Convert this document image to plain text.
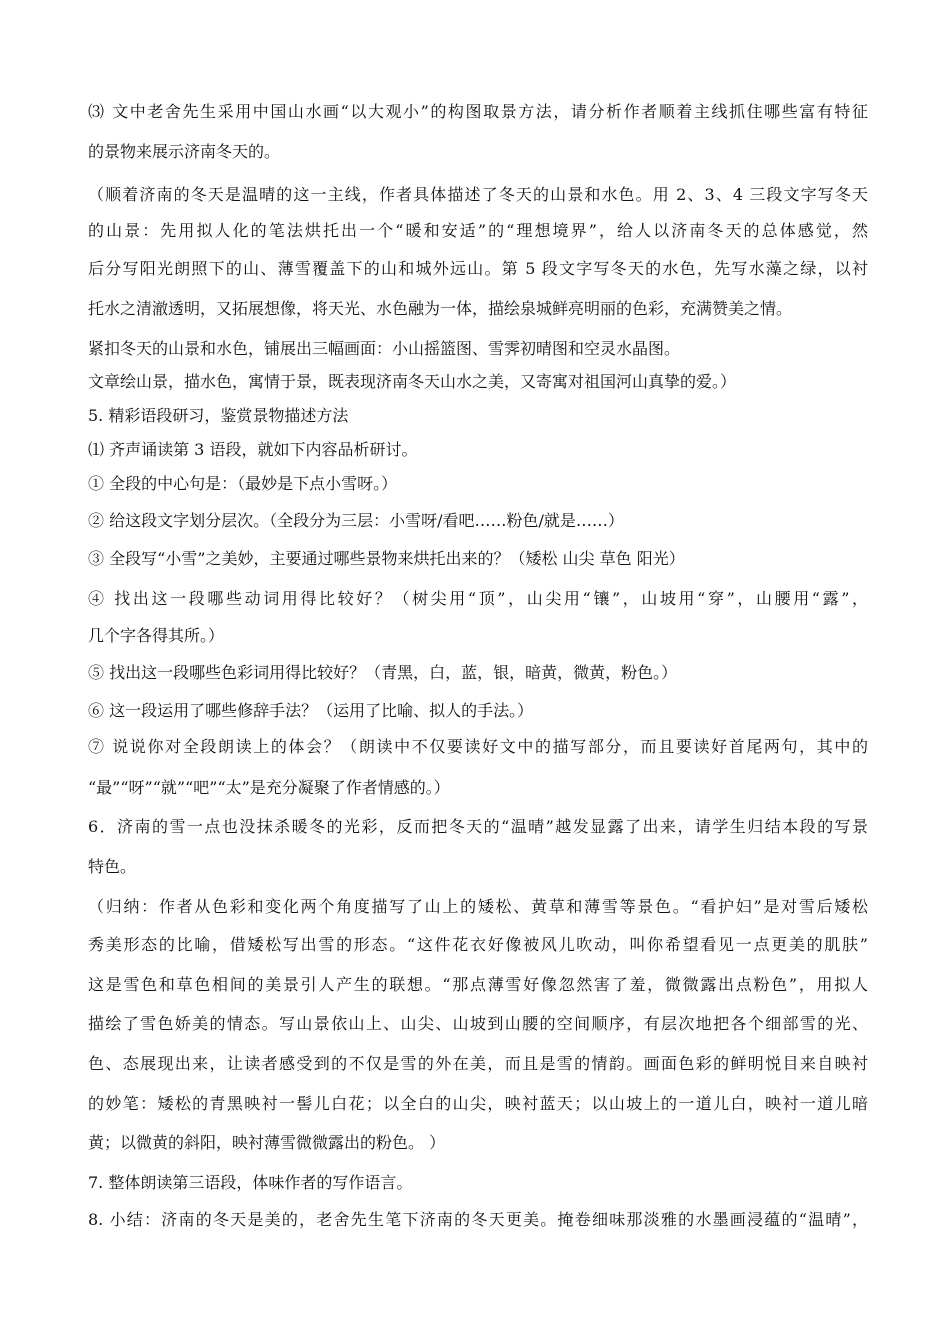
⑶ 文中老舍先生采用中国山水画“以大观小”的构图取景方法，请分析作者顺着主线抓住哪些富有特征
的景物来展示济南冬天的。
（顺着济南的冬天是温晴的这一主线，作者具体描述了冬天的山景和水色。用 2、3、4 三段文字写冬天
的山景：先用拟人化的笔法烘托出一个“暖和安适”的“理想境界”，给人以济南冬天的总体感觉，然
后分写阳光朗照下的山、薄雪覆盖下的山和城外远山。第 5 段文字写冬天的水色，先写水藻之绿，以衬
托水之清澈透明，又拓展想像，将天光、水色融为一体，描绘泉城鲜亮明丽的色彩，充满赞美之情。
紧扣冬天的山景和水色，铺展出三幅画面：小山摇篮图、雪霁初晴图和空灵水晶图。
文章绘山景，描水色，寓情于景，既表现济南冬天山水之美，又寄寓对祖国河山真挚的爱。）
5. 精彩语段研习，鉴赏景物描述方法
⑴ 齐声诵读第 3 语段，就如下内容品析研讨。
① 全段的中心句是：（最妙是下点小雪呀。）
② 给这段文字划分层次。（全段分为三层：小雪呀/看吧……粉色/就是……）
③ 全段写“小雪”之美妙，主要通过哪些景物来烘托出来的？（矮松 山尖 草色 阳光）
④ 找出这一段哪些动词用得比较好？（树尖用“顶”，山尖用“镶”，山坡用“穿”，山腰用“露”，
几个字各得其所。）
⑤ 找出这一段哪些色彩词用得比较好？（青黑，白，蓝，银，暗黄，微黄，粉色。）
⑥ 这一段运用了哪些修辞手法？（运用了比喻、拟人的手法。）
⑦ 说说你对全段朗读上的体会？（朗读中不仅要读好文中的描写部分，而且要读好首尾两句，其中的
“最”“呀”“就”“吧”“太”是充分凝聚了作者情感的。）
6．济南的雪一点也没抹杀暖冬的光彩，反而把冬天的“温晴”越发显露了出来，请学生归结本段的写景
特色。
（归纳：作者从色彩和变化两个角度描写了山上的矮松、黄草和薄雪等景色。“看护妇”是对雪后矮松
秀美形态的比喻，借矮松写出雪的形态。“这件花衣好像被风儿吹动，叫你希望看见一点更美的肌肤”
这是雪色和草色相间的美景引人产生的联想。“那点薄雪好像忽然害了羞，微微露出点粉色”，用拟人
描绘了雪色娇美的情态。写山景依山上、山尖、山坡到山腰的空间顺序，有层次地把各个细部雪的光、
色、态展现出来，让读者感受到的不仅是雪的外在美，而且是雪的情韵。画面色彩的鲜明悦目来自映衬
的妙笔：矮松的青黑映衬一髻儿白花；以全白的山尖，映衬蓝天；以山坡上的一道儿白，映衬一道儿暗
黄；以微黄的斜阳，映衬薄雪微微露出的粉色。 ）
7. 整体朗读第三语段，体味作者的写作语言。
8. 小结：济南的冬天是美的，老舍先生笔下济南的冬天更美。掩卷细味那淡雅的水墨画浸蕴的“温晴”，
